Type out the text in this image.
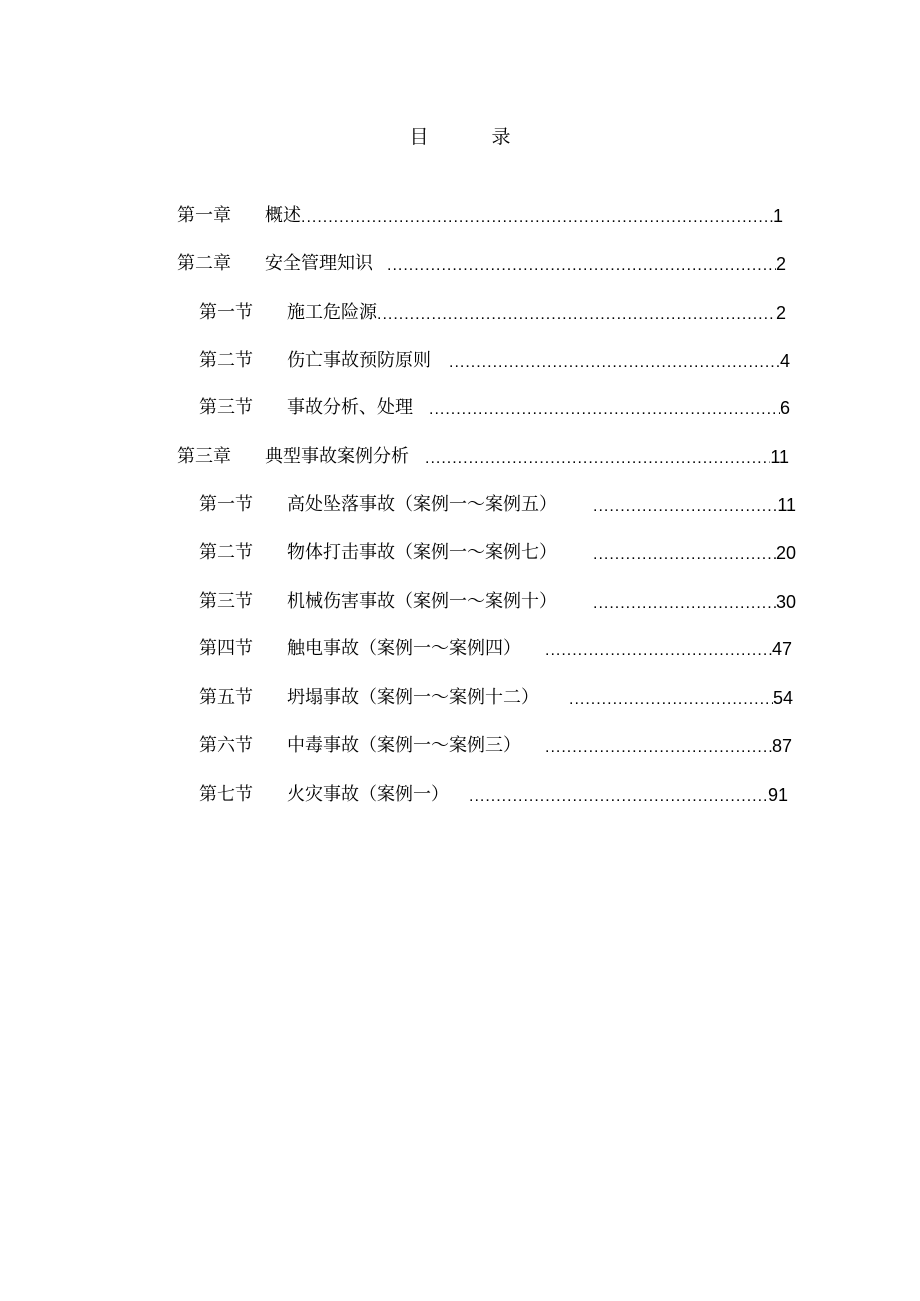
目　录
第一章	概述 .....	1
第二章	安全管理知识 .....	2
第一节	施工危险源 .....	2
第二节	伤亡事故预防原则 .....	4
第三节	事故分析、处理 .....	6
第三章	典型事故案例分析 .....	11
第一节	高处坠落事故（案例一～案例五） .....	11
第二节	物体打击事故（案例一～案例七） .....	20
第三节	机械伤害事故（案例一～案例十） .....	30
第四节	触电事故（案例一～案例四） .....	47
第五节	坍塌事故（案例一～案例十二） .....	54
第六节	中毒事故（案例一～案例三） .....	87
第七节	火灾事故（案例一） .....	91
